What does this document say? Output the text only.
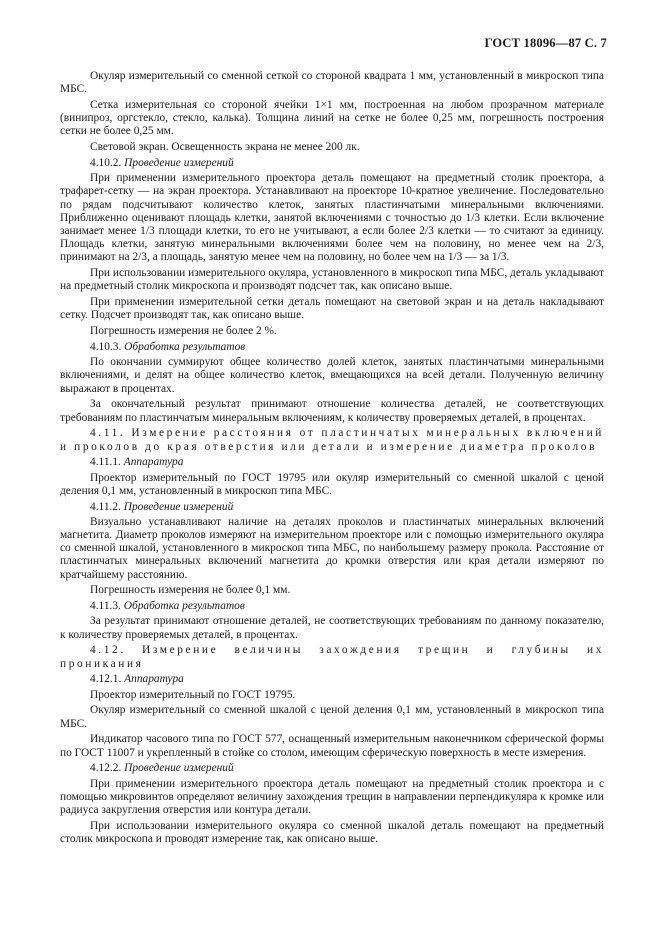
ГОСТ 18096—87 С. 7

Окуляр измерительный со сменной сеткой со стороной квадрата 1 мм, установленный в микроскоп типа МБС.

Сетка измерительная со стороной ячейки 1×1 мм, построенная на любом прозрачном материале (винипроз, оргстекло, стекло, калька). Толщина линий на сетке не более 0,25 мм, погрешность построения сетки не более 0,25 мм.

Световой экран. Освещенность экрана не менее 200 лк.

4.10.2. Проведение измерений

При применении измерительного проектора деталь помещают на предметный столик проектора, а трафарет-сетку — на экран проектора. Устанавливают на проекторе 10-кратное увеличение. Последовательно по рядам подсчитывают количество клеток, занятых пластинчатыми минеральными включениями. Приближенно оценивают площадь клетки, занятой включениями с точностью до 1/3 клетки. Если включение занимает менее 1/3 площади клетки, то его не учитывают, а если более 2/3 клетки — то считают за единицу. Площадь клетки, занятую минеральными включениями более чем на половину, но менее чем на 2/3, принимают на 2/3, а площадь, занятую менее чем на половину, но более чем на 1/3 — за 1/3.

При использовании измерительного окуляра, установленного в микроскоп типа МБС, деталь укладывают на предметный столик микроскопа и производят подсчет так, как описано выше.

При применении измерительной сетки деталь помещают на световой экран и на деталь накладывают сетку. Подсчет производят так, как описано выше.

Погрешность измерения не более 2 %.

4.10.3. Обработка результатов

По окончании суммируют общее количество долей клеток, занятых пластинчатыми минеральными включениями, и делят на общее количество клеток, вмещающихся на всей детали. Полученную величину выражают в процентах.

За окончательный результат принимают отношение количества деталей, не соответствующих требованиям по пластинчатым минеральным включениям, к количеству проверяемых деталей, в процентах.

4.11. Измерение расстояния от пластинчатых минеральных включений и проколов до края отверстия или детали и измерение диаметра проколов

4.11.1. Аппаратура

Проектор измерительный по ГОСТ 19795 или окуляр измерительный со сменной шкалой с ценой деления 0,1 мм, установленный в микроскоп типа МБС.

4.11.2. Проведение измерений

Визуально устанавливают наличие на деталях проколов и пластинчатых минеральных включений магнетита. Диаметр проколов измеряют на измерительном проекторе или с помощью измерительного окуляра со сменной шкалой, установленного в микроскоп типа МБС, по наибольшему размеру прокола. Расстояние от пластинчатых минеральных включений магнетита до кромки отверстия или края детали измеряют по кратчайшему расстоянию.

Погрешность измерения не более 0,1 мм.

4.11.3. Обработка результатов

За результат принимают отношение деталей, не соответствующих требованиям по данному показателю, к количеству проверяемых деталей, в процентах.

4.12. Измерение величины захождения трещин и глубины их проникания

4.12.1. Аппаратура

Проектор измерительный по ГОСТ 19795.

Окуляр измерительный со сменной шкалой с ценой деления 0,1 мм, установленный в микроскоп типа МБС.

Индикатор часового типа по ГОСТ 577, оснащенный измерительным наконечником сферической формы по ГОСТ 11007 и укрепленный в стойке со столом, имеющим сферическую поверхность в месте измерения.

4.12.2. Проведение измерений

При применении измерительного проектора деталь помещают на предметный столик проектора и с помощью микровинтов определяют величину захождения трещин в направлении перпендикуляра к кромке или радиуса закругления отверстия или контура детали.

При использовании измерительного окуляра со сменной шкалой деталь помещают на предметный столик микроскопа и проводят измерение так, как описано выше.
